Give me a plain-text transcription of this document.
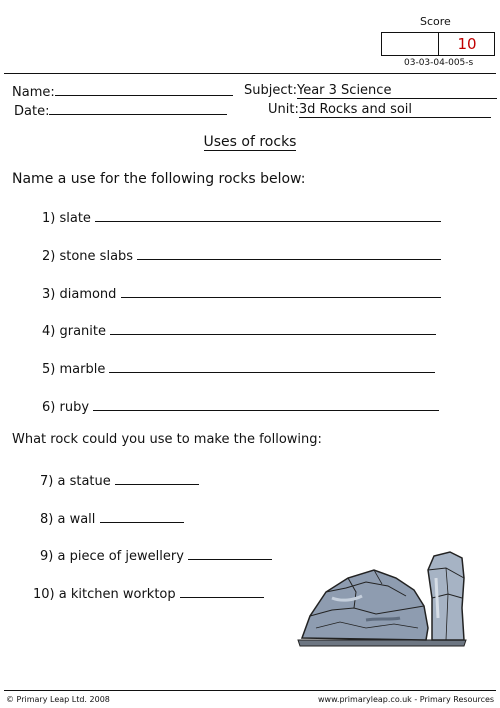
Score
10
03-03-04-005-s
Name:
Date:
Subject:Year 3 Science
Unit:3d Rocks and soil
Uses of rocks
Name a use for the following rocks below:
1) slate
2) stone slabs
3) diamond
4) granite
5) marble
6) ruby
What rock could you use to make the following:
7) a statue
8) a wall
9) a piece of jewellery
10) a kitchen worktop
© Primary Leap Ltd. 2008	www.primaryleap.co.uk - Primary Resources
